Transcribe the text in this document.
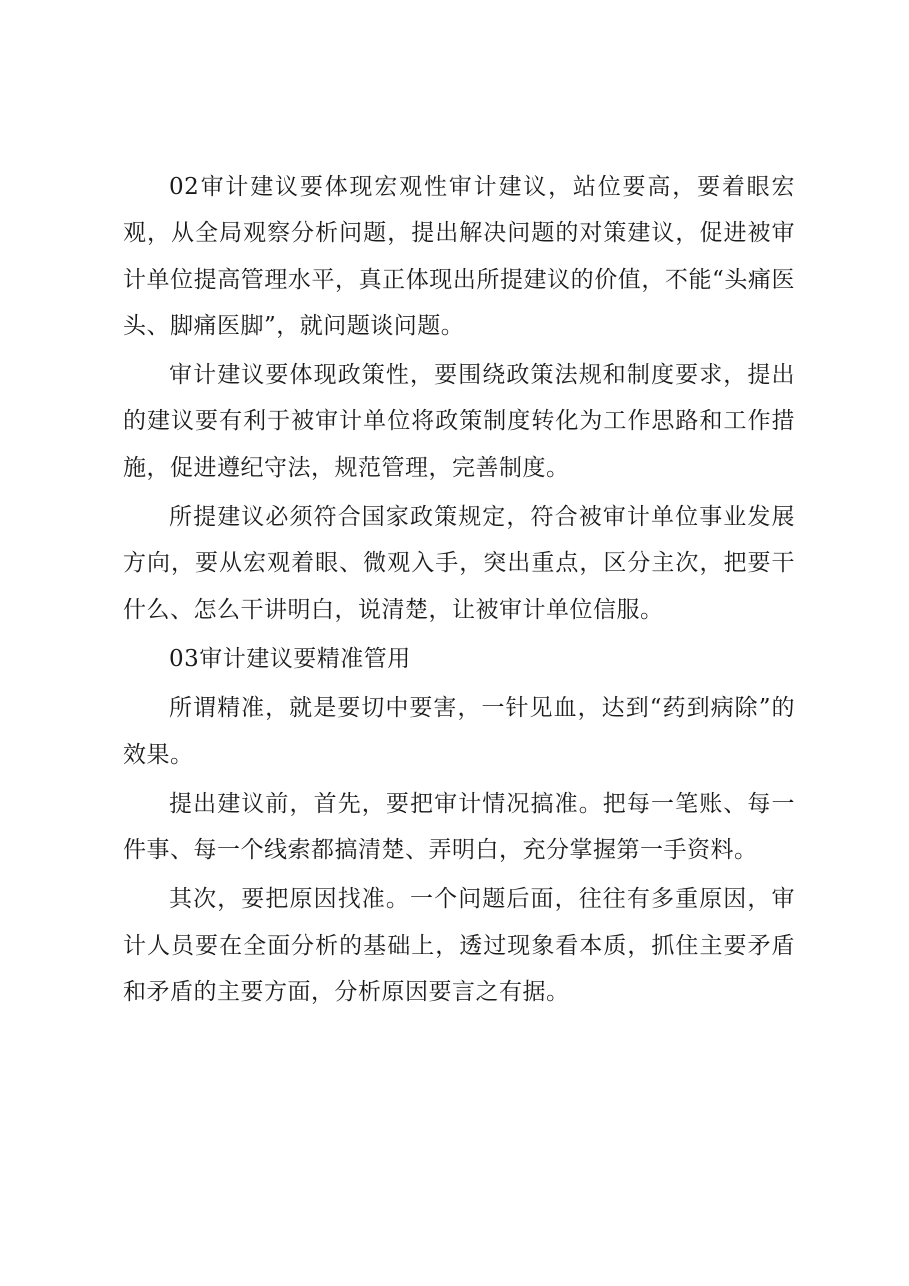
02审计建议要体现宏观性审计建议，站位要高，要着眼宏观，从全局观察分析问题，提出解决问题的对策建议，促进被审计单位提高管理水平，真正体现出所提建议的价值，不能“头痛医头、脚痛医脚”，就问题谈问题。

审计建议要体现政策性，要围绕政策法规和制度要求，提出的建议要有利于被审计单位将政策制度转化为工作思路和工作措施，促进遵纪守法，规范管理，完善制度。

所提建议必须符合国家政策规定，符合被审计单位事业发展方向，要从宏观着眼、微观入手，突出重点，区分主次，把要干什么、怎么干讲明白，说清楚，让被审计单位信服。

03审计建议要精准管用

所谓精准，就是要切中要害，一针见血，达到“药到病除”的效果。

提出建议前，首先，要把审计情况搞准。把每一笔账、每一件事、每一个线索都搞清楚、弄明白，充分掌握第一手资料。

其次，要把原因找准。一个问题后面，往往有多重原因，审计人员要在全面分析的基础上，透过现象看本质，抓住主要矛盾和矛盾的主要方面，分析原因要言之有据。
